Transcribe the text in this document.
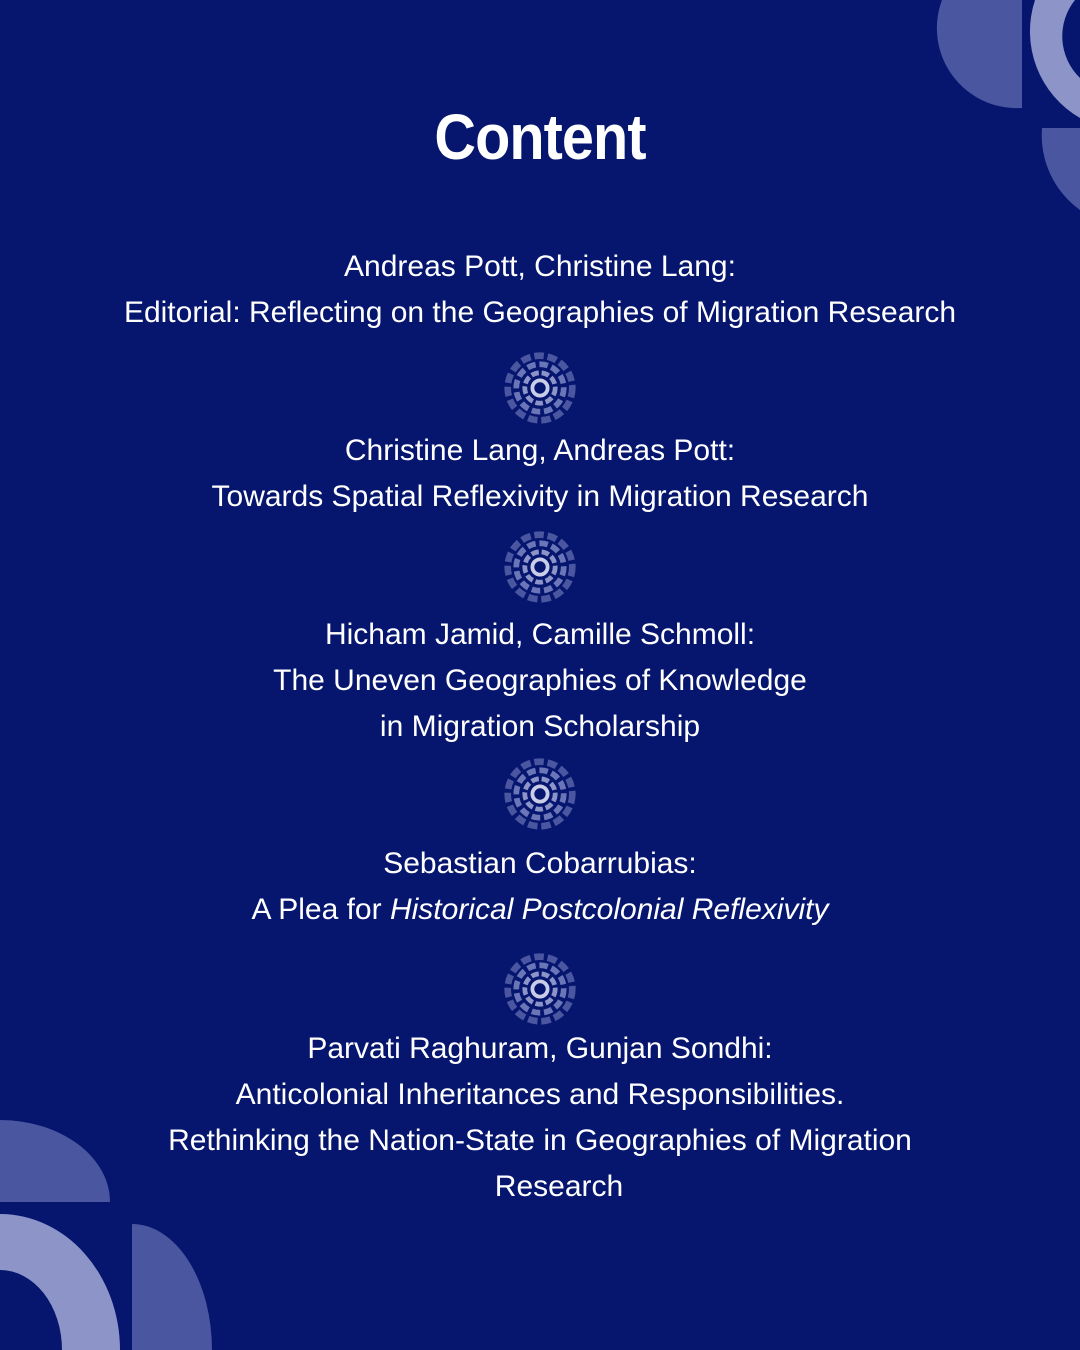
Content
Andreas Pott, Christine Lang:
Editorial: Reflecting on the Geographies of Migration Research
Christine Lang, Andreas Pott:
Towards Spatial Reflexivity in Migration Research
Hicham Jamid, Camille Schmoll:
The Uneven Geographies of Knowledge
in Migration Scholarship
Sebastian Cobarrubias:
A Plea for Historical Postcolonial Reflexivity
Parvati Raghuram, Gunjan Sondhi:
Anticolonial Inheritances and Responsibilities.
Rethinking the Nation-State in Geographies of Migration
Research
